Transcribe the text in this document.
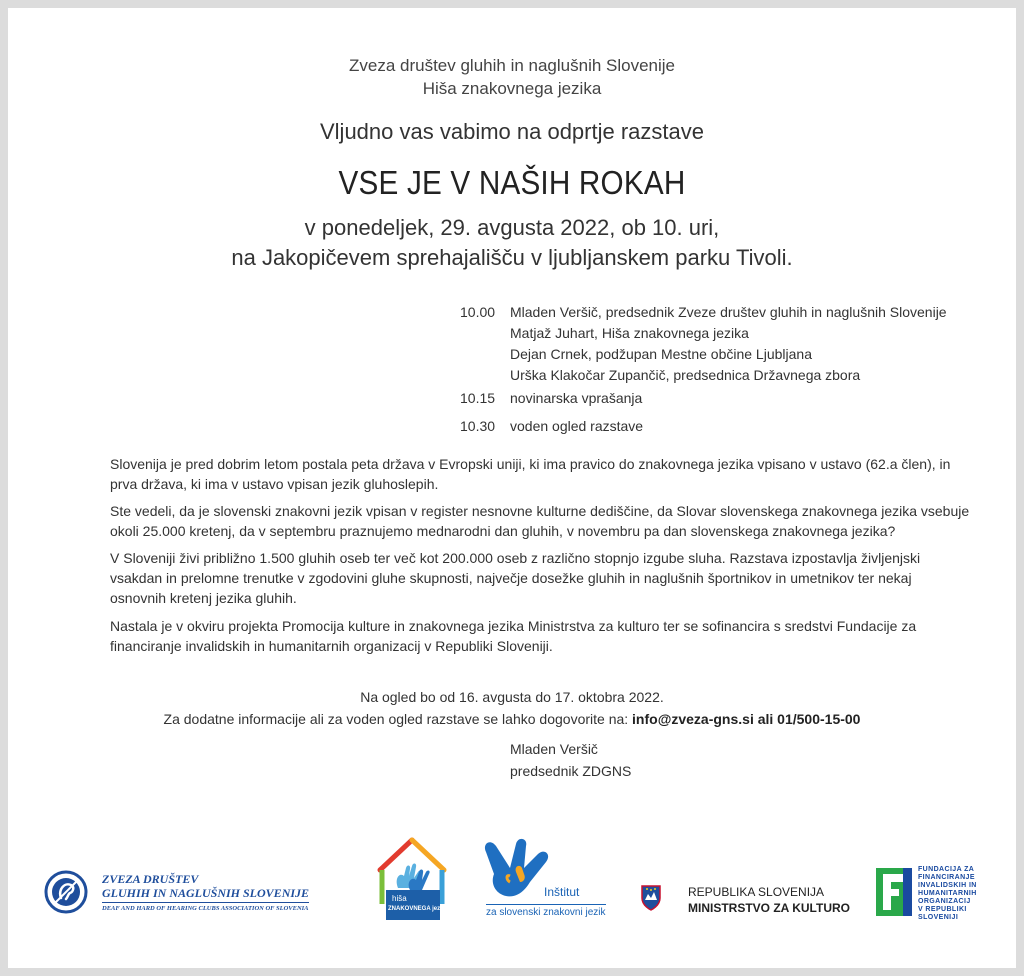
Zveza društev gluhih in naglušnih Slovenije
Hiša znakovnega jezika
Vljudno vas vabimo na odprtje razstave
VSE JE V NAŠIH ROKAH
v ponedeljek, 29. avgusta 2022, ob 10. uri,
na Jakopičevem sprehajališču v ljubljanskem parku Tivoli.
10.00 Mladen Veršič, predsednik Zveze društev gluhih in naglušnih Slovenije
Matjaž Juhart, Hiša znakovnega jezika
Dejan Crnek, podžupan Mestne občine Ljubljana
Urška Klakočar Zupančič, predsednica Državnega zbora
10.15 novinarska vprašanja
10.30 voden ogled razstave
Slovenija je pred dobrim letom postala peta država v Evropski uniji, ki ima pravico do znakovnega jezika vpisano v ustavo (62.a člen), in prva država, ki ima v ustavo vpisan jezik gluhoslepih.
Ste vedeli, da je slovenski znakovni jezik vpisan v register nesnovne kulturne dediščine, da Slovar slovenskega znakovnega jezika vsebuje okoli 25.000 kretenj, da v septembru praznujemo mednarodni dan gluhih, v novembru pa dan slovenskega znakovnega jezika?
V Sloveniji živi približno 1.500 gluhih oseb ter več kot 200.000 oseb z različno stopnjo izgube sluha. Razstava izpostavlja življenjski vsakdan in prelomne trenutke v zgodovini gluhe skupnosti, največje dosežke gluhih in naglušnih športnikov in umetnikov ter nekaj osnovnih kretenj jezika gluhih.
Nastala je v okviru projekta Promocija kulture in znakovnega jezika Ministrstva za kulturo ter se sofinancira s sredstvi Fundacije za financiranje invalidskih in humanitarnih organizacij v Republiki Sloveniji.
Na ogled bo od 16. avgusta do 17. oktobra 2022.
Za dodatne informacije ali za voden ogled razstave se lahko dogovorite na: info@zveza-gns.si ali 01/500-15-00
Mladen Veršič
predsednik ZDGNS
ZVEZA DRUŠTEV
GLUHIH IN NAGLUŠNIH SLOVENIJE
DEAF AND HARD OF HEARING CLUBS ASSOCIATION OF SLOVENIA
hiša
ZNAKOVNEGA jezika
Inštitut
za slovenski znakovni jezik
REPUBLIKA SLOVENIJA
MINISTRSTVO ZA KULTURO
FUNDACIJA ZA
FINANCIRANJE
INVALIDSKIH IN
HUMANITARNIH
ORGANIZACIJ
V REPUBLIKI
SLOVENIJI
